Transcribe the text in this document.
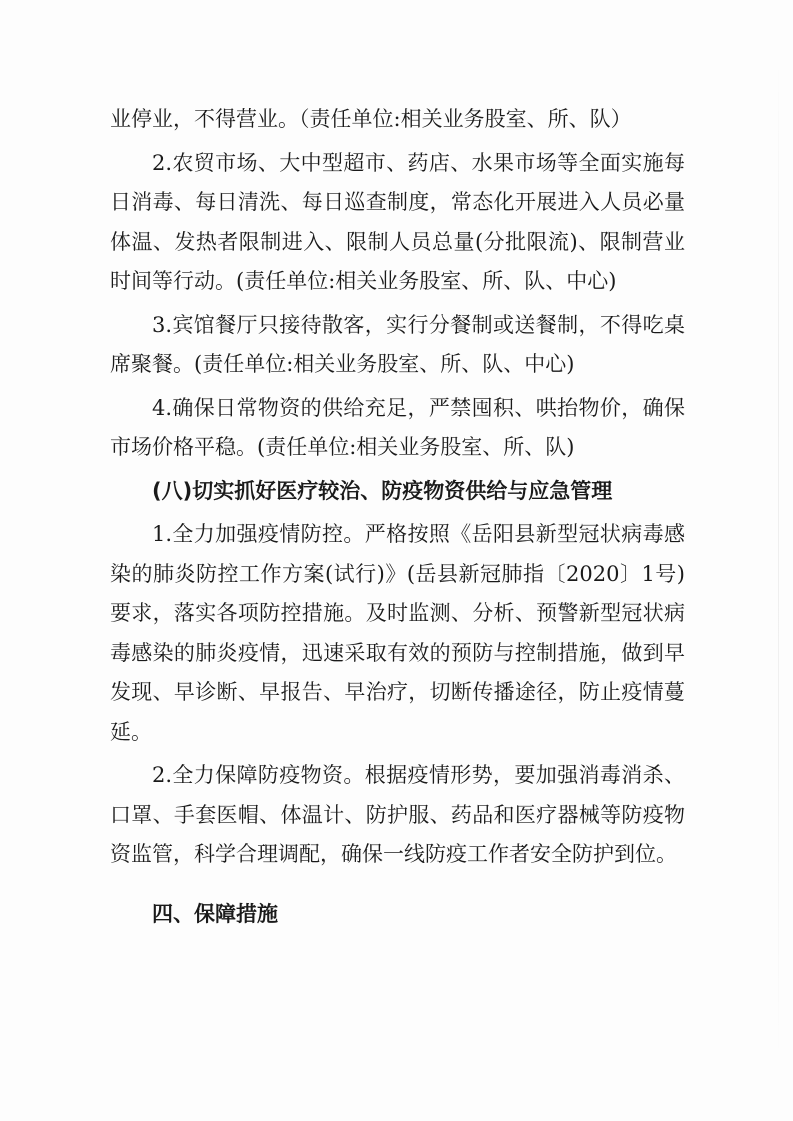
业停业，不得营业。（责任单位:相关业务股室、所、队）

2.农贸市场、大中型超市、药店、水果市场等全面实施每日消毒、每日清洗、每日巡查制度，常态化开展进入人员必量体温、发热者限制进入、限制人员总量(分批限流)、限制营业时间等行动。(责任单位:相关业务股室、所、队、中心)

3.宾馆餐厅只接待散客，实行分餐制或送餐制，不得吃桌席聚餐。(责任单位:相关业务股室、所、队、中心)

4.确保日常物资的供给充足，严禁囤积、哄抬物价，确保市场价格平稳。(责任单位:相关业务股室、所、队)

(八)切实抓好医疗较治、防疫物资供给与应急管理

1.全力加强疫情防控。严格按照《岳阳县新型冠状病毒感染的肺炎防控工作方案(试行)》(岳县新冠肺指〔2020〕1号)要求，落实各项防控措施。及时监测、分析、预警新型冠状病毒感染的肺炎疫情，迅速采取有效的预防与控制措施，做到早发现、早诊断、早报告、早治疗，切断传播途径，防止疫情蔓延。

2.全力保障防疫物资。根据疫情形势，要加强消毒消杀、口罩、手套医帽、体温计、防护服、药品和医疗器械等防疫物资监管，科学合理调配，确保一线防疫工作者安全防护到位。

四、保障措施
